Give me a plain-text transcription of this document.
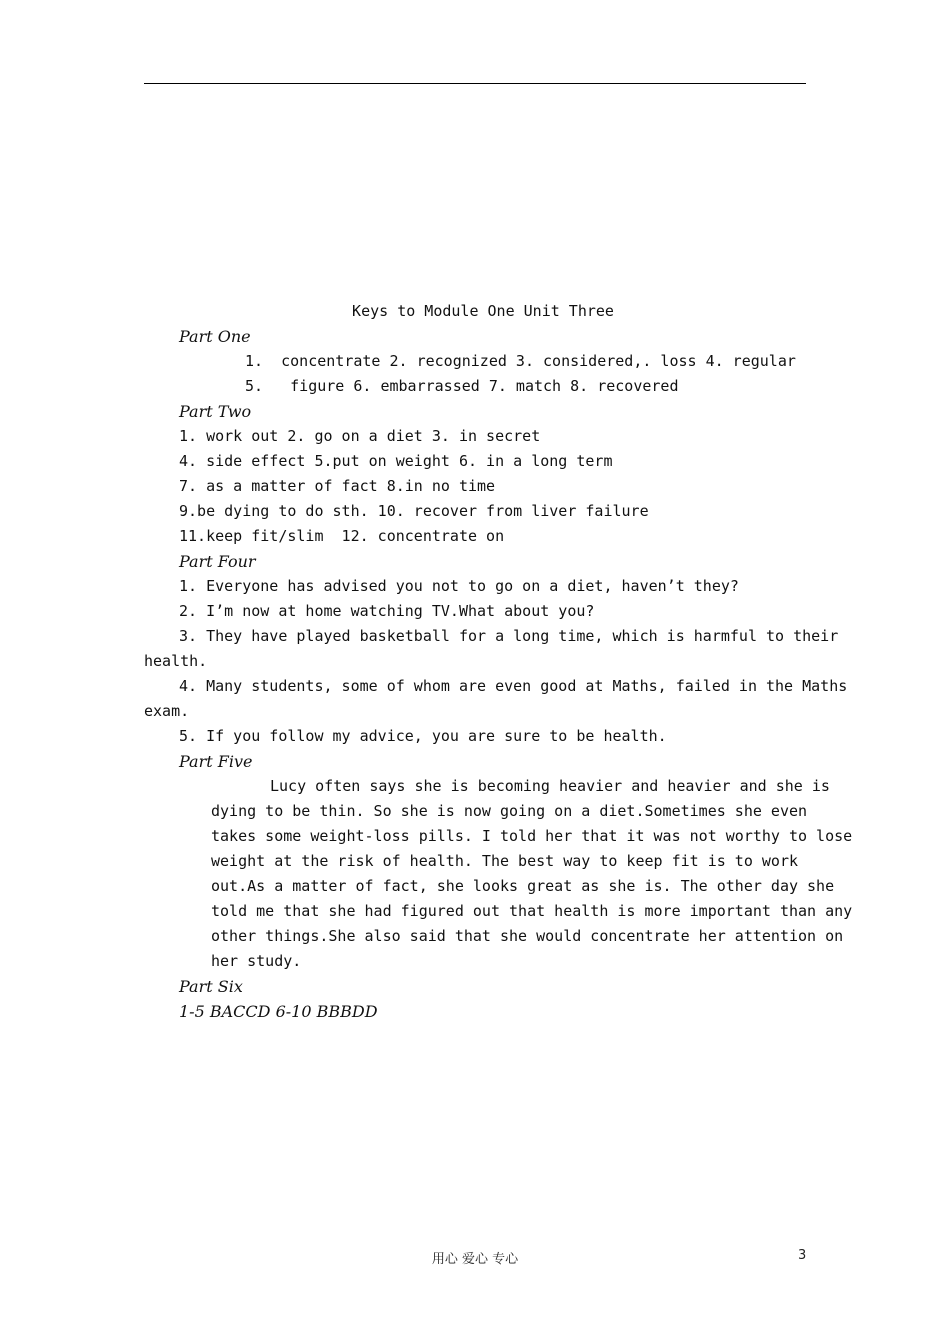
Keys to Module One Unit Three
Part One
1.  concentrate 2. recognized 3. considered,. loss 4. regular
5.   figure 6. embarrassed 7. match 8. recovered
Part Two
1. work out 2. go on a diet 3. in secret
4. side effect 5.put on weight 6. in a long term
7. as a matter of fact 8.in no time
9.be dying to do sth. 10. recover from liver failure
11.keep fit/slim  12. concentrate on
Part Four
1. Everyone has advised you not to go on a diet, haven’t they?
2. I’m now at home watching TV.What about you?
3. They have played basketball for a long time, which is harmful to their
health.
4. Many students, some of whom are even good at Maths, failed in the Maths
exam.
5. If you follow my advice, you are sure to be health.
Part Five
Lucy often says she is becoming heavier and heavier and she is
dying to be thin. So she is now going on a diet.Sometimes she even
takes some weight-loss pills. I told her that it was not worthy to lose
weight at the risk of health. The best way to keep fit is to work
out.As a matter of fact, she looks great as she is. The other day she
told me that she had figured out that health is more important than any
other things.She also said that she would concentrate her attention on
her study.
Part Six
1-5 BACCD 6-10 BBBDD
用心 爱心 专心	3
